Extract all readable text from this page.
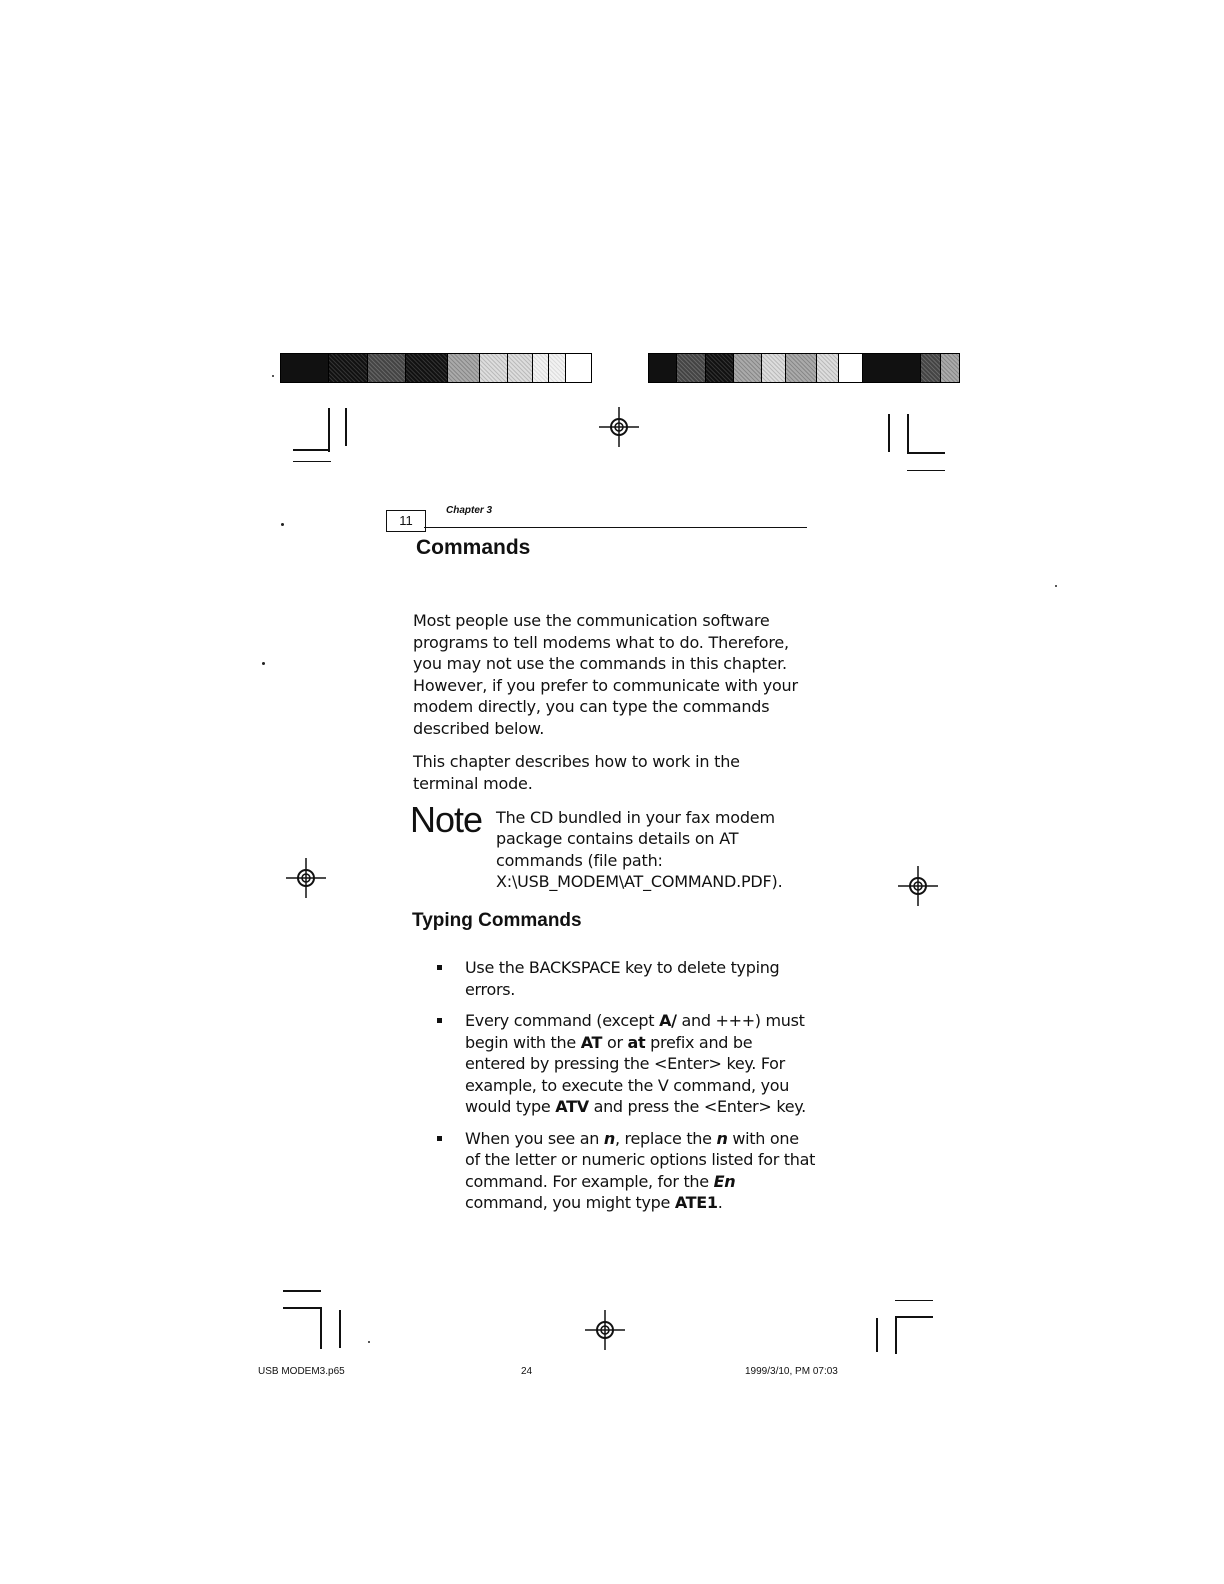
11
Chapter 3
Commands

Most people use the communication software programs to tell modems what to do. Therefore, you may not use the commands in this chapter. However, if you prefer to communicate with your modem directly, you can type the commands described below.

This chapter describes how to work in the terminal mode.

Note The CD bundled in your fax modem package contains details on AT commands (file path: X:\USB_MODEM\AT_COMMAND.PDF).

Typing Commands
Use the BACKSPACE key to delete typing errors.
Every command (except A/ and +++) must begin with the AT or at prefix and be entered by pressing the <Enter> key. For example, to execute the V command, you would type ATV and press the <Enter> key.
When you see an n, replace the n with one of the letter or numeric options listed for that command. For example, for the En command, you might type ATE1.
USB MODEM3.p65	24	1999/3/10, PM 07:03
